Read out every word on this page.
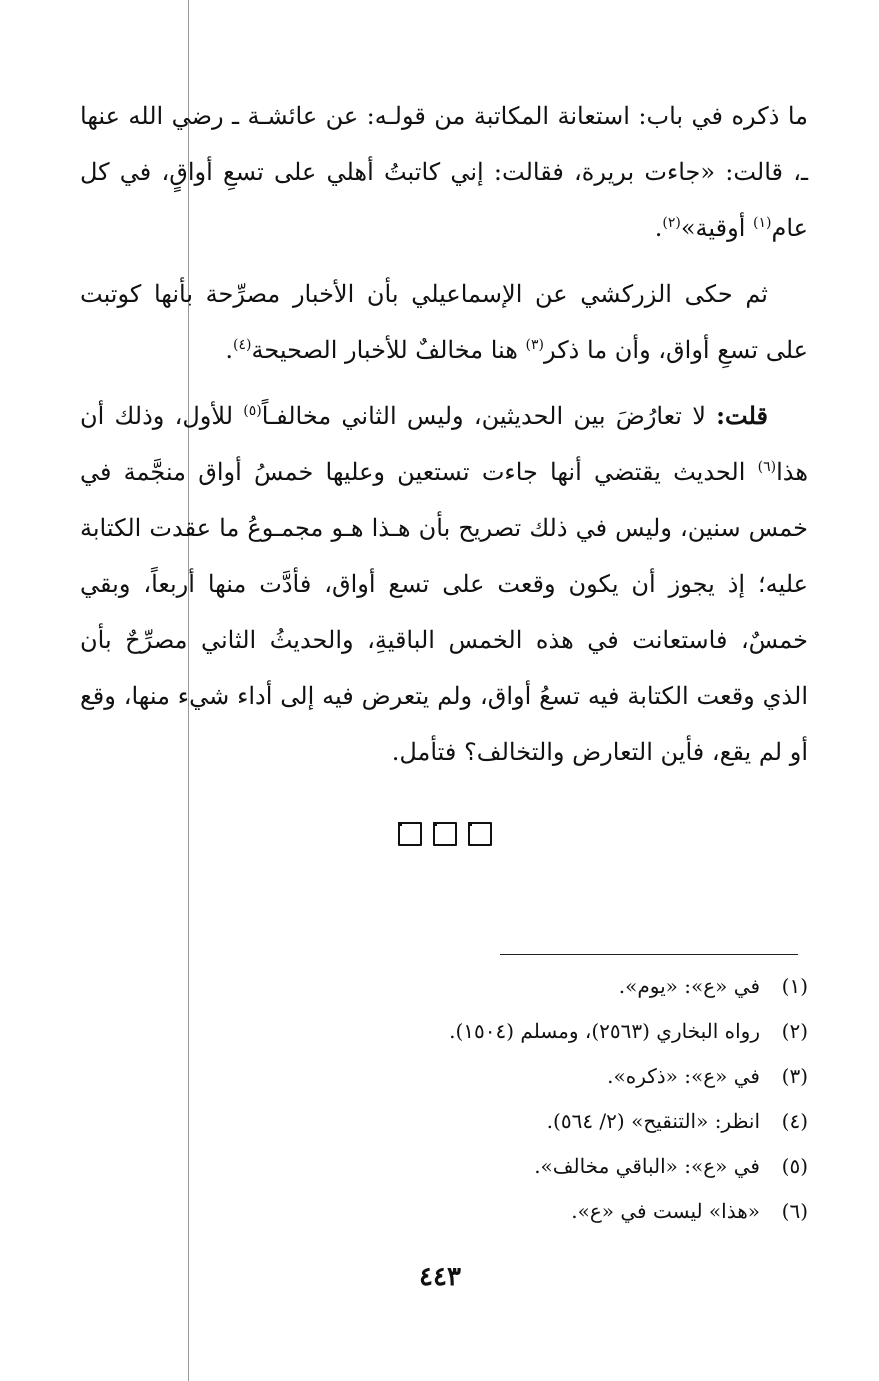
ما ذكره في باب: استعانة المكاتبة من قولـه: عن عائشـة ـ رضي الله عنها ـ، قالت: «جاءت بريرة، فقالت: إني كاتبتُ أهلي على تسعِ أواقٍ، في كل عام$^{(١)}$ أوقية»$^{(٢)}$.

ثم حكى الزركشي عن الإسماعيلي بأن الأخبار مصرِّحة بأنها كوتبت على تسعِ أواق، وأن ما ذكر$^{(٣)}$ هنا مخالفٌ للأخبار الصحيحة$^{(٤)}$.

قلت: لا تعارُضَ بين الحديثين، وليس الثاني مخالفـاً$^{(٥)}$ للأول، وذلك أن هذا$^{(٦)}$ الحديث يقتضي أنها جاءت تستعين وعليها خمسُ أواق منجَّمة في خمس سنين، وليس في ذلك تصريح بأن هـذا هـو مجمـوعُ ما عقدت الكتابة عليه؛ إذ يجوز أن يكون وقعت على تسع أواق، فأدَّت منها أربعاً، وبقي خمسٌ، فاستعانت في هذه الخمس الباقيةِ، والحديثُ الثاني مصرِّحٌ بأن الذي وقعت الكتابة فيه تسعُ أواق، ولم يتعرض فيه إلى أداء شيء منها، وقع أو لم يقع، فأين التعارض والتخالف؟ فتأمل.

(١)
في «ع»: «يوم».
(٢)
رواه البخاري (٢٥٦٣)، ومسلم (١٥٠٤).
(٣)
في «ع»: «ذكره».
(٤)
انظر: «التنقيح» (٢/ ٥٦٤).
(٥)
في «ع»: «الباقي مخالف».
(٦)
«هذا» ليست في «ع».
٤٤٣
